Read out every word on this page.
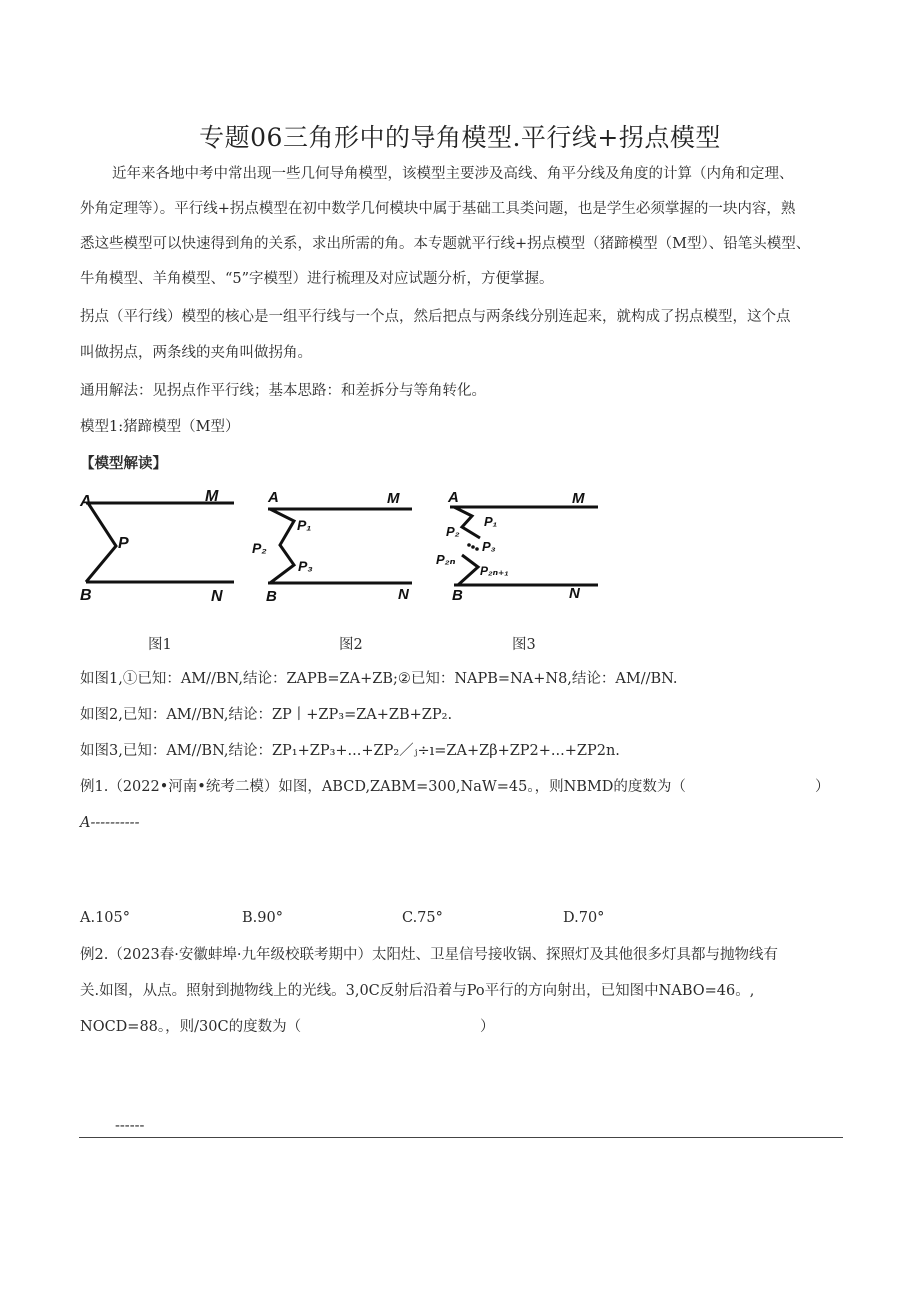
专题06三角形中的导角模型.平行线+拐点模型
近年来各地中考中常出现一些几何导角模型，该模型主要涉及高线、角平分线及角度的计算（内角和定理、
外角定理等）。平行线+拐点模型在初中数学几何模块中属于基础工具类问题，也是学生必须掌握的一块内容，熟
悉这些模型可以快速得到角的关系，求出所需的角。本专题就平行线+拐点模型（猪蹄模型（M型）、铅笔头模型、
牛角模型、羊角模型、“5”字模型）进行梳理及对应试题分析，方便掌握。
拐点（平行线）模型的核心是一组平行线与一个点，然后把点与两条线分别连起来，就构成了拐点模型，这个点
叫做拐点，两条线的夹角叫做拐角。
通用解法：见拐点作平行线；基本思路：和差拆分与等角转化。
模型1:猪蹄模型（M型）
【模型解读】
A	M
P
B	N
A	M
P₁
P₂
P₃
B	N
A	M
P₁
P₂
P₃
P₂ₙ
P₂ₙ₊₁
B	N
图1	图2	图3
如图1,①已知：AM//BN,结论：ZAPB=ZA+ZB;②已知：NAPB=NA+N8,结论：AM//BN.
如图2,已知：AM//BN,结论：ZP丨+ZP₃=ZA+ZB+ZP₂.
如图3,已知：AM//BN,结论：ZP₁+ZP₃+...+ZP₂／ⱼ÷ı=ZA+Zβ+ZP2+...+ZP2n.
例1.（2022•河南•统考二模）如图，ABCD,ZABM=300,NaW=45。，则NBMD的度数为（	）
A----------
A.105°	B.90°	C.75°	D.70°
例2.（2023春·安徽蚌埠·九年级校联考期中）太阳灶、卫星信号接收锅、探照灯及其他很多灯具都与抛物线有
关.如图，从点。照射到抛物线上的光线。3,0C反射后沿着与Po平行的方向射出，已知图中NABO=46。,
NOCD=88。，则/30C的度数为（	）
------
